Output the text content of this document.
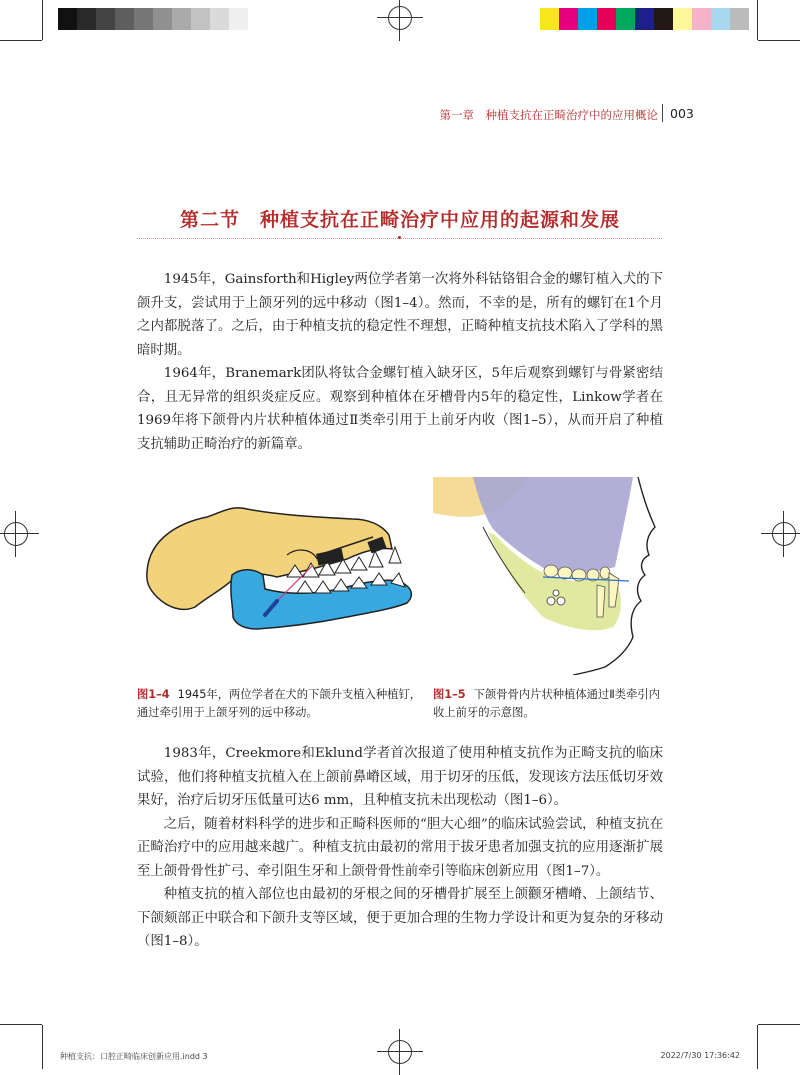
第一章　种植支抗在正畸治疗中的应用概论 003
第二节　种植支抗在正畸治疗中应用的起源和发展

1945年，Gainsforth和Higley两位学者第一次将外科钴铬钼合金的螺钉植入犬的下颌升支，尝试用于上颌牙列的远中移动（图1–4）。然而，不幸的是，所有的螺钉在1个月之内都脱落了。之后，由于种植支抗的稳定性不理想，正畸种植支抗技术陷入了学科的黑暗时期。

1964年，Branemark团队将钛合金螺钉植入缺牙区，5年后观察到螺钉与骨紧密结合，且无异常的组织炎症反应。观察到种植体在牙槽骨内5年的稳定性，Linkow学者在1969年将下颌骨内片状种植体通过Ⅱ类牵引用于上前牙内收（图1–5），从而开启了种植支抗辅助正畸治疗的新篇章。

图1–4 1945年，两位学者在犬的下颌升支植入种植钉，通过牵引用于上颌牙列的远中移动。
图1–5 下颌骨骨内片状种植体通过Ⅱ类牵引内收上前牙的示意图。

1983年，Creekmore和Eklund学者首次报道了使用种植支抗作为正畸支抗的临床试验，他们将种植支抗植入在上颌前鼻嵴区域，用于切牙的压低，发现该方法压低切牙效果好，治疗后切牙压低量可达6 mm，且种植支抗未出现松动（图1–6）。

之后，随着材料科学的进步和正畸科医师的“胆大心细”的临床试验尝试，种植支抗在正畸治疗中的应用越来越广。种植支抗由最初的常用于拔牙患者加强支抗的应用逐渐扩展至上颌骨骨性扩弓、牵引阻生牙和上颌骨骨性前牵引等临床创新应用（图1–7）。

种植支抗的植入部位也由最初的牙根之间的牙槽骨扩展至上颌颧牙槽嵴、上颌结节、下颌颏部正中联合和下颌升支等区域，便于更加合理的生物力学设计和更为复杂的牙移动（图1–8）。

种植支抗：口腔正畸临床创新应用.indd 3	2022/7/30 17:36:42
